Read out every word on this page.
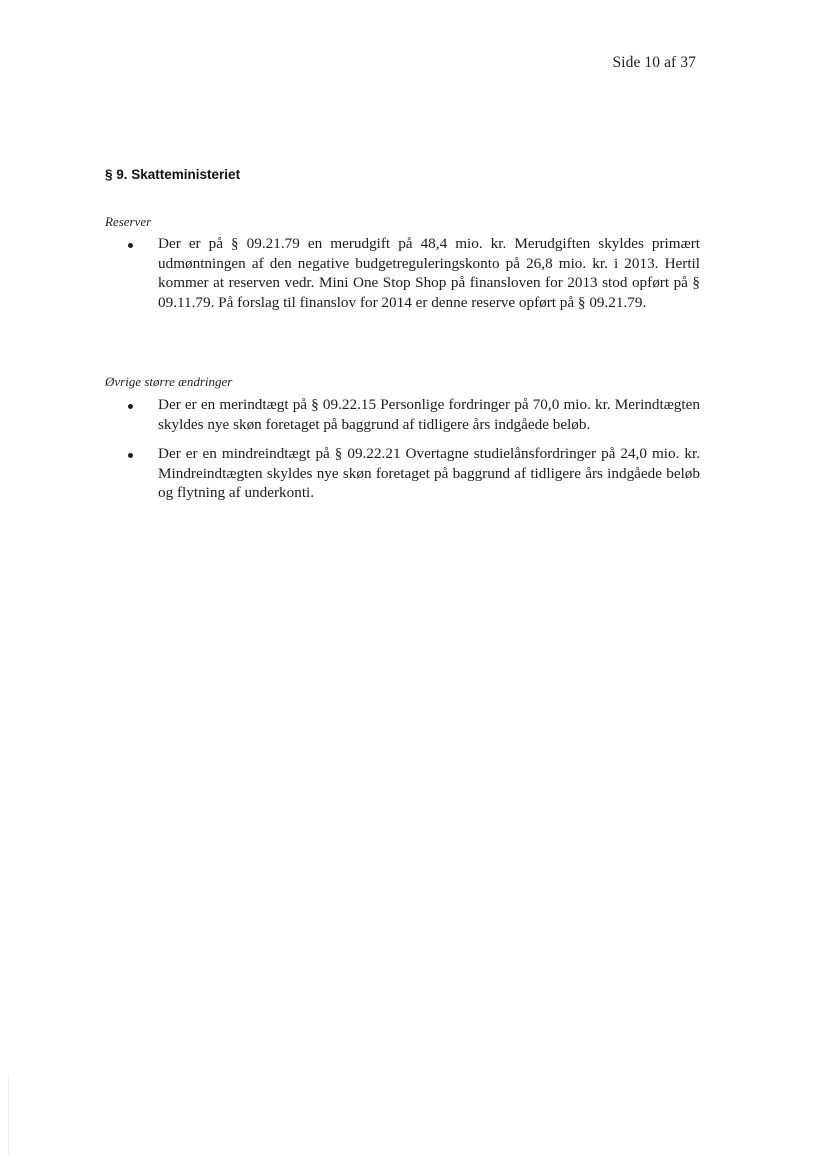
Side 10 af 37
§ 9. Skatteministeriet
Reserver
Der er på § 09.21.79 en merudgift på 48,4 mio. kr. Merudgiften skyldes primært udmøntningen af den negative budgetreguleringskonto på 26,8 mio. kr. i 2013. Hertil kommer at reserven vedr. Mini One Stop Shop på finansloven for 2013 stod opført på § 09.11.79. På forslag til finanslov for 2014 er denne reserve opført på § 09.21.79.
Øvrige større ændringer
Der er en merindtægt på § 09.22.15 Personlige fordringer på 70,0 mio. kr. Merindtægten skyldes nye skøn foretaget på baggrund af tidligere års indgåede beløb.
Der er en mindreindtægt på § 09.22.21 Overtagne studielånsfordringer på 24,0 mio. kr. Mindreindtægten skyldes nye skøn foretaget på baggrund af tidligere års indgåede beløb og flytning af underkonti.
